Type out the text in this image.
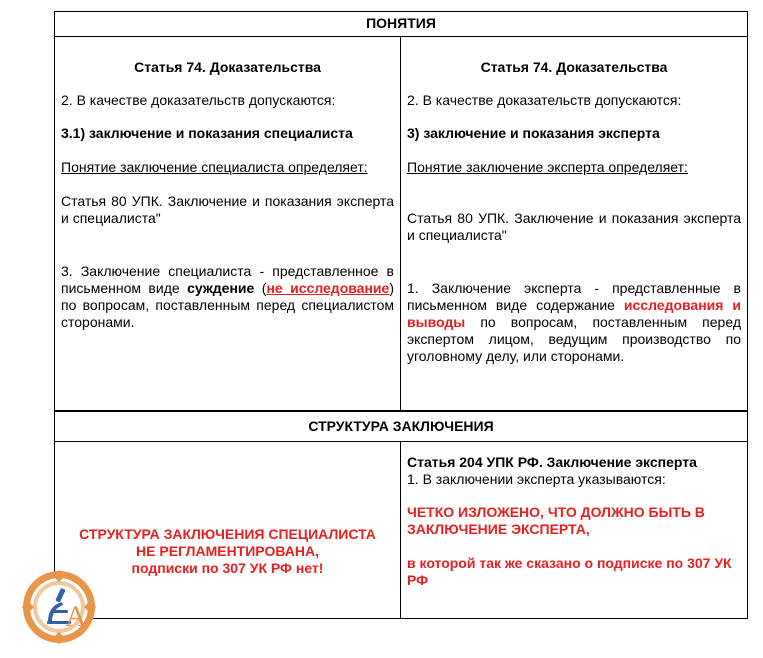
ПОНЯТИЯ

Статья 74. Доказательства

2. В качестве доказательств допускаются:

3.1) заключение и показания специалиста

Понятие заключение специалиста определяет:

Статья 80 УПК. Заключение и показания эксперта и специалиста"

3. Заключение специалиста - представленное в письменном виде суждение (не исследование) по вопросам, поставленным перед специалистом сторонами.

Статья 74. Доказательства

2. В качестве доказательств допускаются:

3) заключение и показания эксперта

Понятие заключение эксперта определяет:

Статья 80 УПК. Заключение и показания эксперта и специалиста"

1. Заключение эксперта - представленные в письменном виде содержание исследования и выводы по вопросам, поставленным перед экспертом лицом, ведущим производство по уголовному делу, или сторонами.

СТРУКТУРА ЗАКЛЮЧЕНИЯ

СТРУКТУРА ЗАКЛЮЧЕНИЯ СПЕЦИАЛИСТА НЕ РЕГЛАМЕНТИРОВАНА,

подписки по 307 УК РФ нет!

Статья 204 УПК РФ. Заключение эксперта

1. В заключении эксперта указываются:

ЧЕТКО ИЗЛОЖЕНО, ЧТО ДОЛЖНО БЫТЬ В ЗАКЛЮЧЕНИЕ ЭКСПЕРТА,

в которой так же сказано о подписке по 307 УК РФ

А
